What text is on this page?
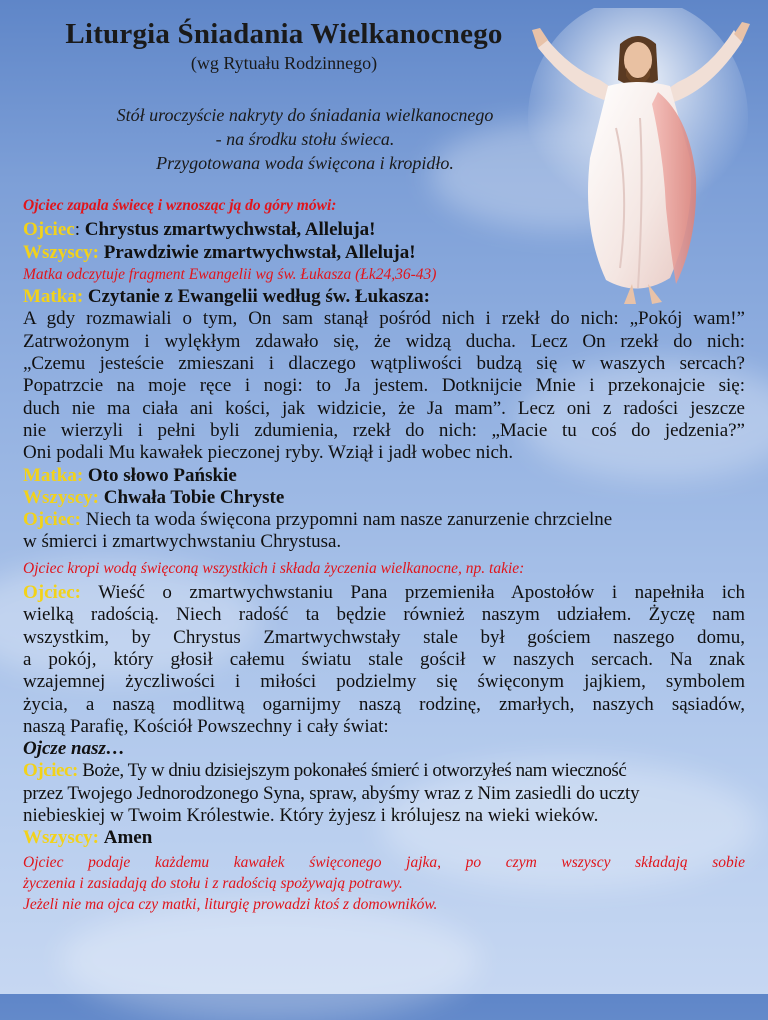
Liturgia Śniadania Wielkanocnego
(wg Rytuału Rodzinnego)
Stół uroczyście nakryty do śniadania wielkanocnego
- na środku stołu świeca.
Przygotowana woda święcona i kropidło.
Ojciec zapala świecę i wznosząc ją do góry mówi:
Ojciec: Chrystus zmartwychwstał, Alleluja!
Wszyscy: Prawdziwie zmartwychwstał, Alleluja!
Matka odczytuje fragment Ewangelii wg św. Łukasza (Łk24,36-43)
Matka: Czytanie z Ewangelii według św. Łukasza:
A gdy rozmawiali o tym, On sam stanął pośród nich i rzekł do nich: „Pokój wam!”
Zatrwożonym i wylękłym zdawało się, że widzą ducha. Lecz On rzekł do nich:
„Czemu jesteście zmieszani i dlaczego wątpliwości budzą się w waszych sercach?
Popatrzcie na moje ręce i nogi: to Ja jestem. Dotknijcie Mnie i przekonajcie się:
duch nie ma ciała ani kości, jak widzicie, że Ja mam”. Lecz oni z radości jeszcze
nie wierzyli i pełni byli zdumienia, rzekł do nich: „Macie tu coś do jedzenia?”
Oni podali Mu kawałek pieczonej ryby. Wziął i jadł wobec nich.
Matka: Oto słowo Pańskie
Wszyscy: Chwała Tobie Chryste
Ojciec: Niech ta woda święcona przypomni nam nasze zanurzenie chrzcielne
w śmierci i zmartwychwstaniu Chrystusa.
Ojciec kropi wodą święconą wszystkich i składa życzenia wielkanocne, np. takie:
Ojciec: Wieść o zmartwychwstaniu Pana przemieniła Apostołów i napełniła ich
wielką radością. Niech radość ta będzie również naszym udziałem. Życzę nam
wszystkim, by Chrystus Zmartwychwstały stale był gościem naszego domu,
a pokój, który głosił całemu światu stale gościł w naszych sercach. Na znak
wzajemnej życzliwości i miłości podzielmy się święconym jajkiem, symbolem
życia, a naszą modlitwą ogarnijmy naszą rodzinę, zmarłych, naszych sąsiadów,
naszą Parafię, Kościół Powszechny i cały świat:
Ojcze nasz…
Ojciec: Boże, Ty w dniu dzisiejszym pokonałeś śmierć i otworzyłeś nam wieczność
przez Twojego Jednorodzonego Syna, spraw, abyśmy wraz z Nim zasiedli do uczty
niebieskiej w Twoim Królestwie. Który żyjesz i królujesz na wieki wieków.
Wszyscy: Amen
Ojciec podaje każdemu kawałek święconego jajka, po czym wszyscy składają sobie
życzenia i zasiadają do stołu i z radością spożywają potrawy.
Jeżeli nie ma ojca czy matki, liturgię prowadzi ktoś z domowników.
